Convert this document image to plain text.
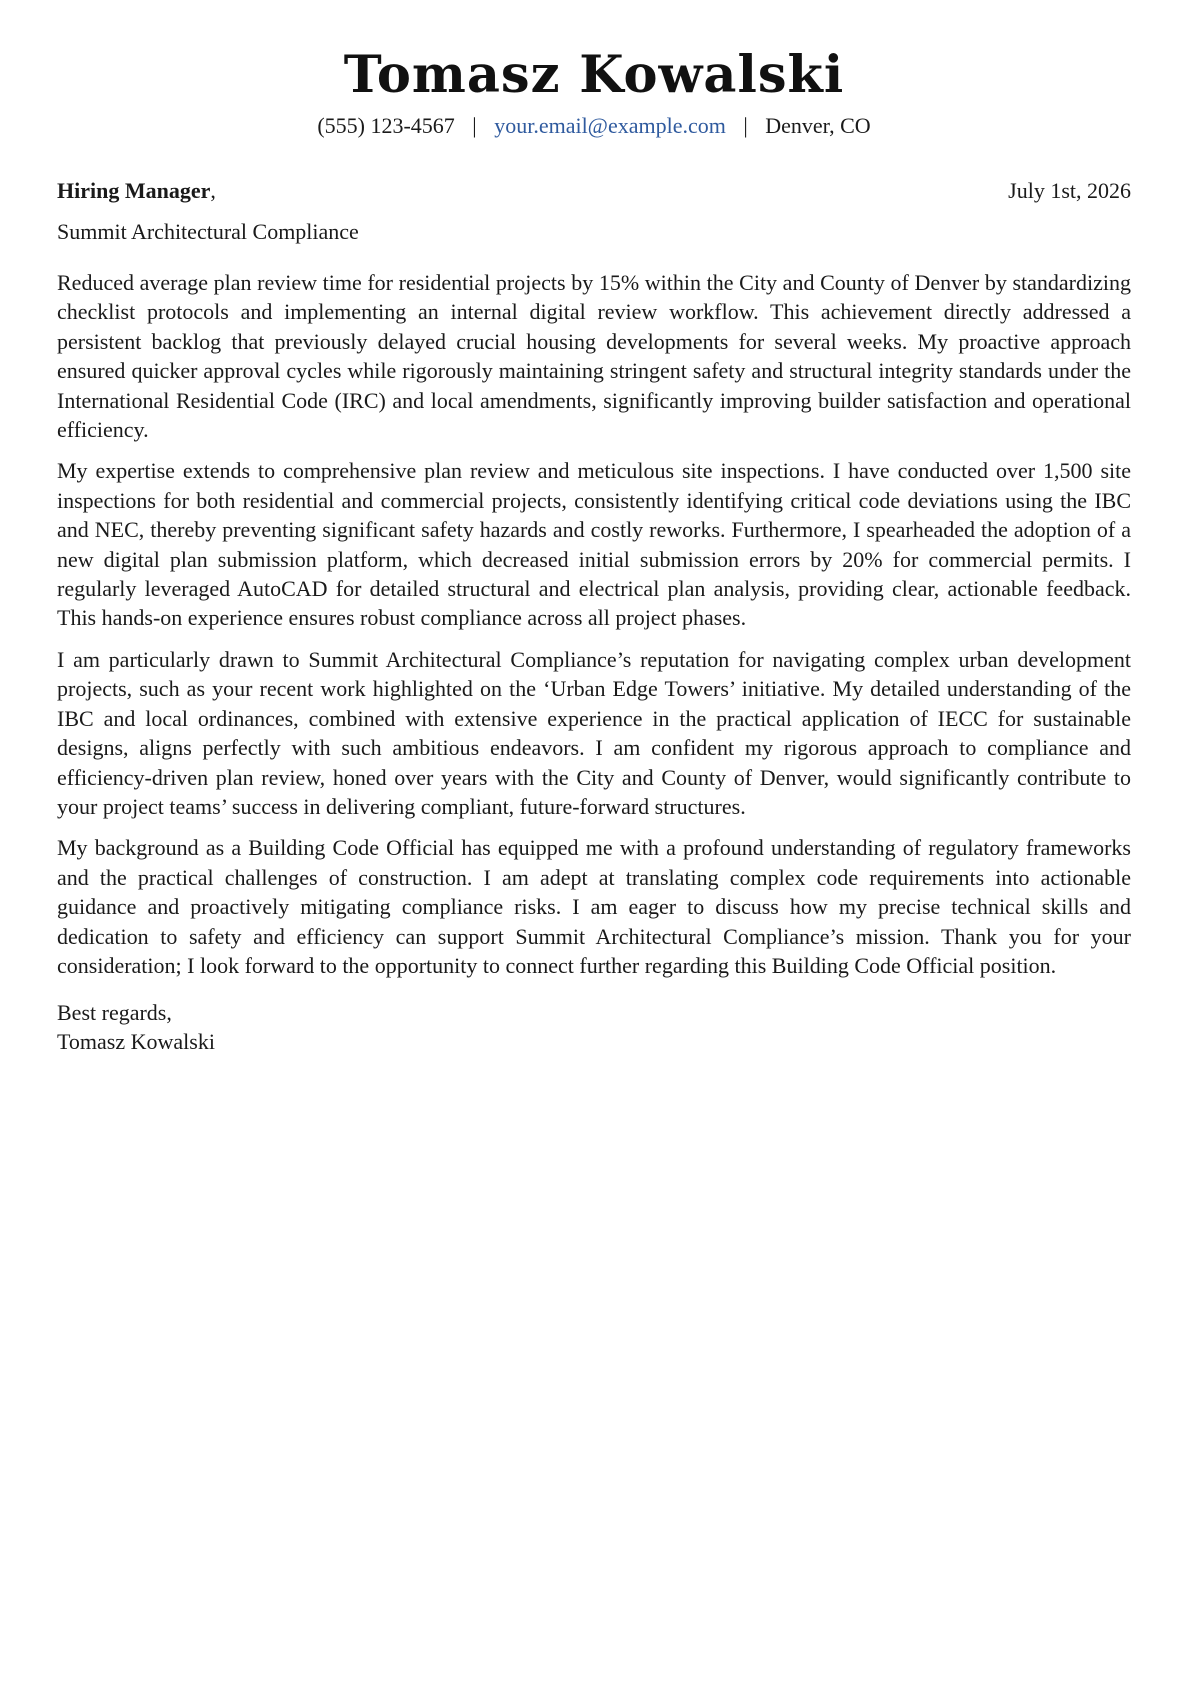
Tomasz Kowalski
(555) 123-4567 | your.email@example.com | Denver, CO
Hiring Manager,	July 1st, 2026
Summit Architectural Compliance

Reduced average plan review time for residential projects by 15% within the City and County of Denver by standardizing checklist protocols and implementing an internal digital review workflow. This achievement directly addressed a persistent backlog that previously delayed crucial housing developments for several weeks. My proactive approach ensured quicker approval cycles while rigorously maintaining stringent safety and structural integrity standards under the International Residential Code (IRC) and local amendments, significantly improving builder satisfaction and operational efficiency.

My expertise extends to comprehensive plan review and meticulous site inspections. I have conducted over 1,500 site inspections for both residential and commercial projects, consistently identifying critical code deviations using the IBC and NEC, thereby preventing significant safety hazards and costly reworks. Furthermore, I spearheaded the adoption of a new digital plan submission platform, which decreased initial submission errors by 20% for commercial permits. I regularly leveraged AutoCAD for detailed structural and electrical plan analysis, providing clear, actionable feedback. This hands-on experience ensures robust compliance across all project phases.

I am particularly drawn to Summit Architectural Compliance’s reputation for navigating complex urban development projects, such as your recent work highlighted on the ‘Urban Edge Towers’ initiative. My detailed understanding of the IBC and local ordinances, combined with extensive experience in the practical application of IECC for sustainable designs, aligns perfectly with such ambitious endeavors. I am confident my rigorous approach to compliance and efficiency-driven plan review, honed over years with the City and County of Denver, would significantly contribute to your project teams’ success in delivering compliant, future-forward structures.

My background as a Building Code Official has equipped me with a profound understanding of regulatory frameworks and the practical challenges of construction. I am adept at translating complex code requirements into actionable guidance and proactively mitigating compliance risks. I am eager to discuss how my precise technical skills and dedication to safety and efficiency can support Summit Architectural Compliance’s mission. Thank you for your consideration; I look forward to the opportunity to connect further regarding this Building Code Official position.

Best regards,
Tomasz Kowalski
